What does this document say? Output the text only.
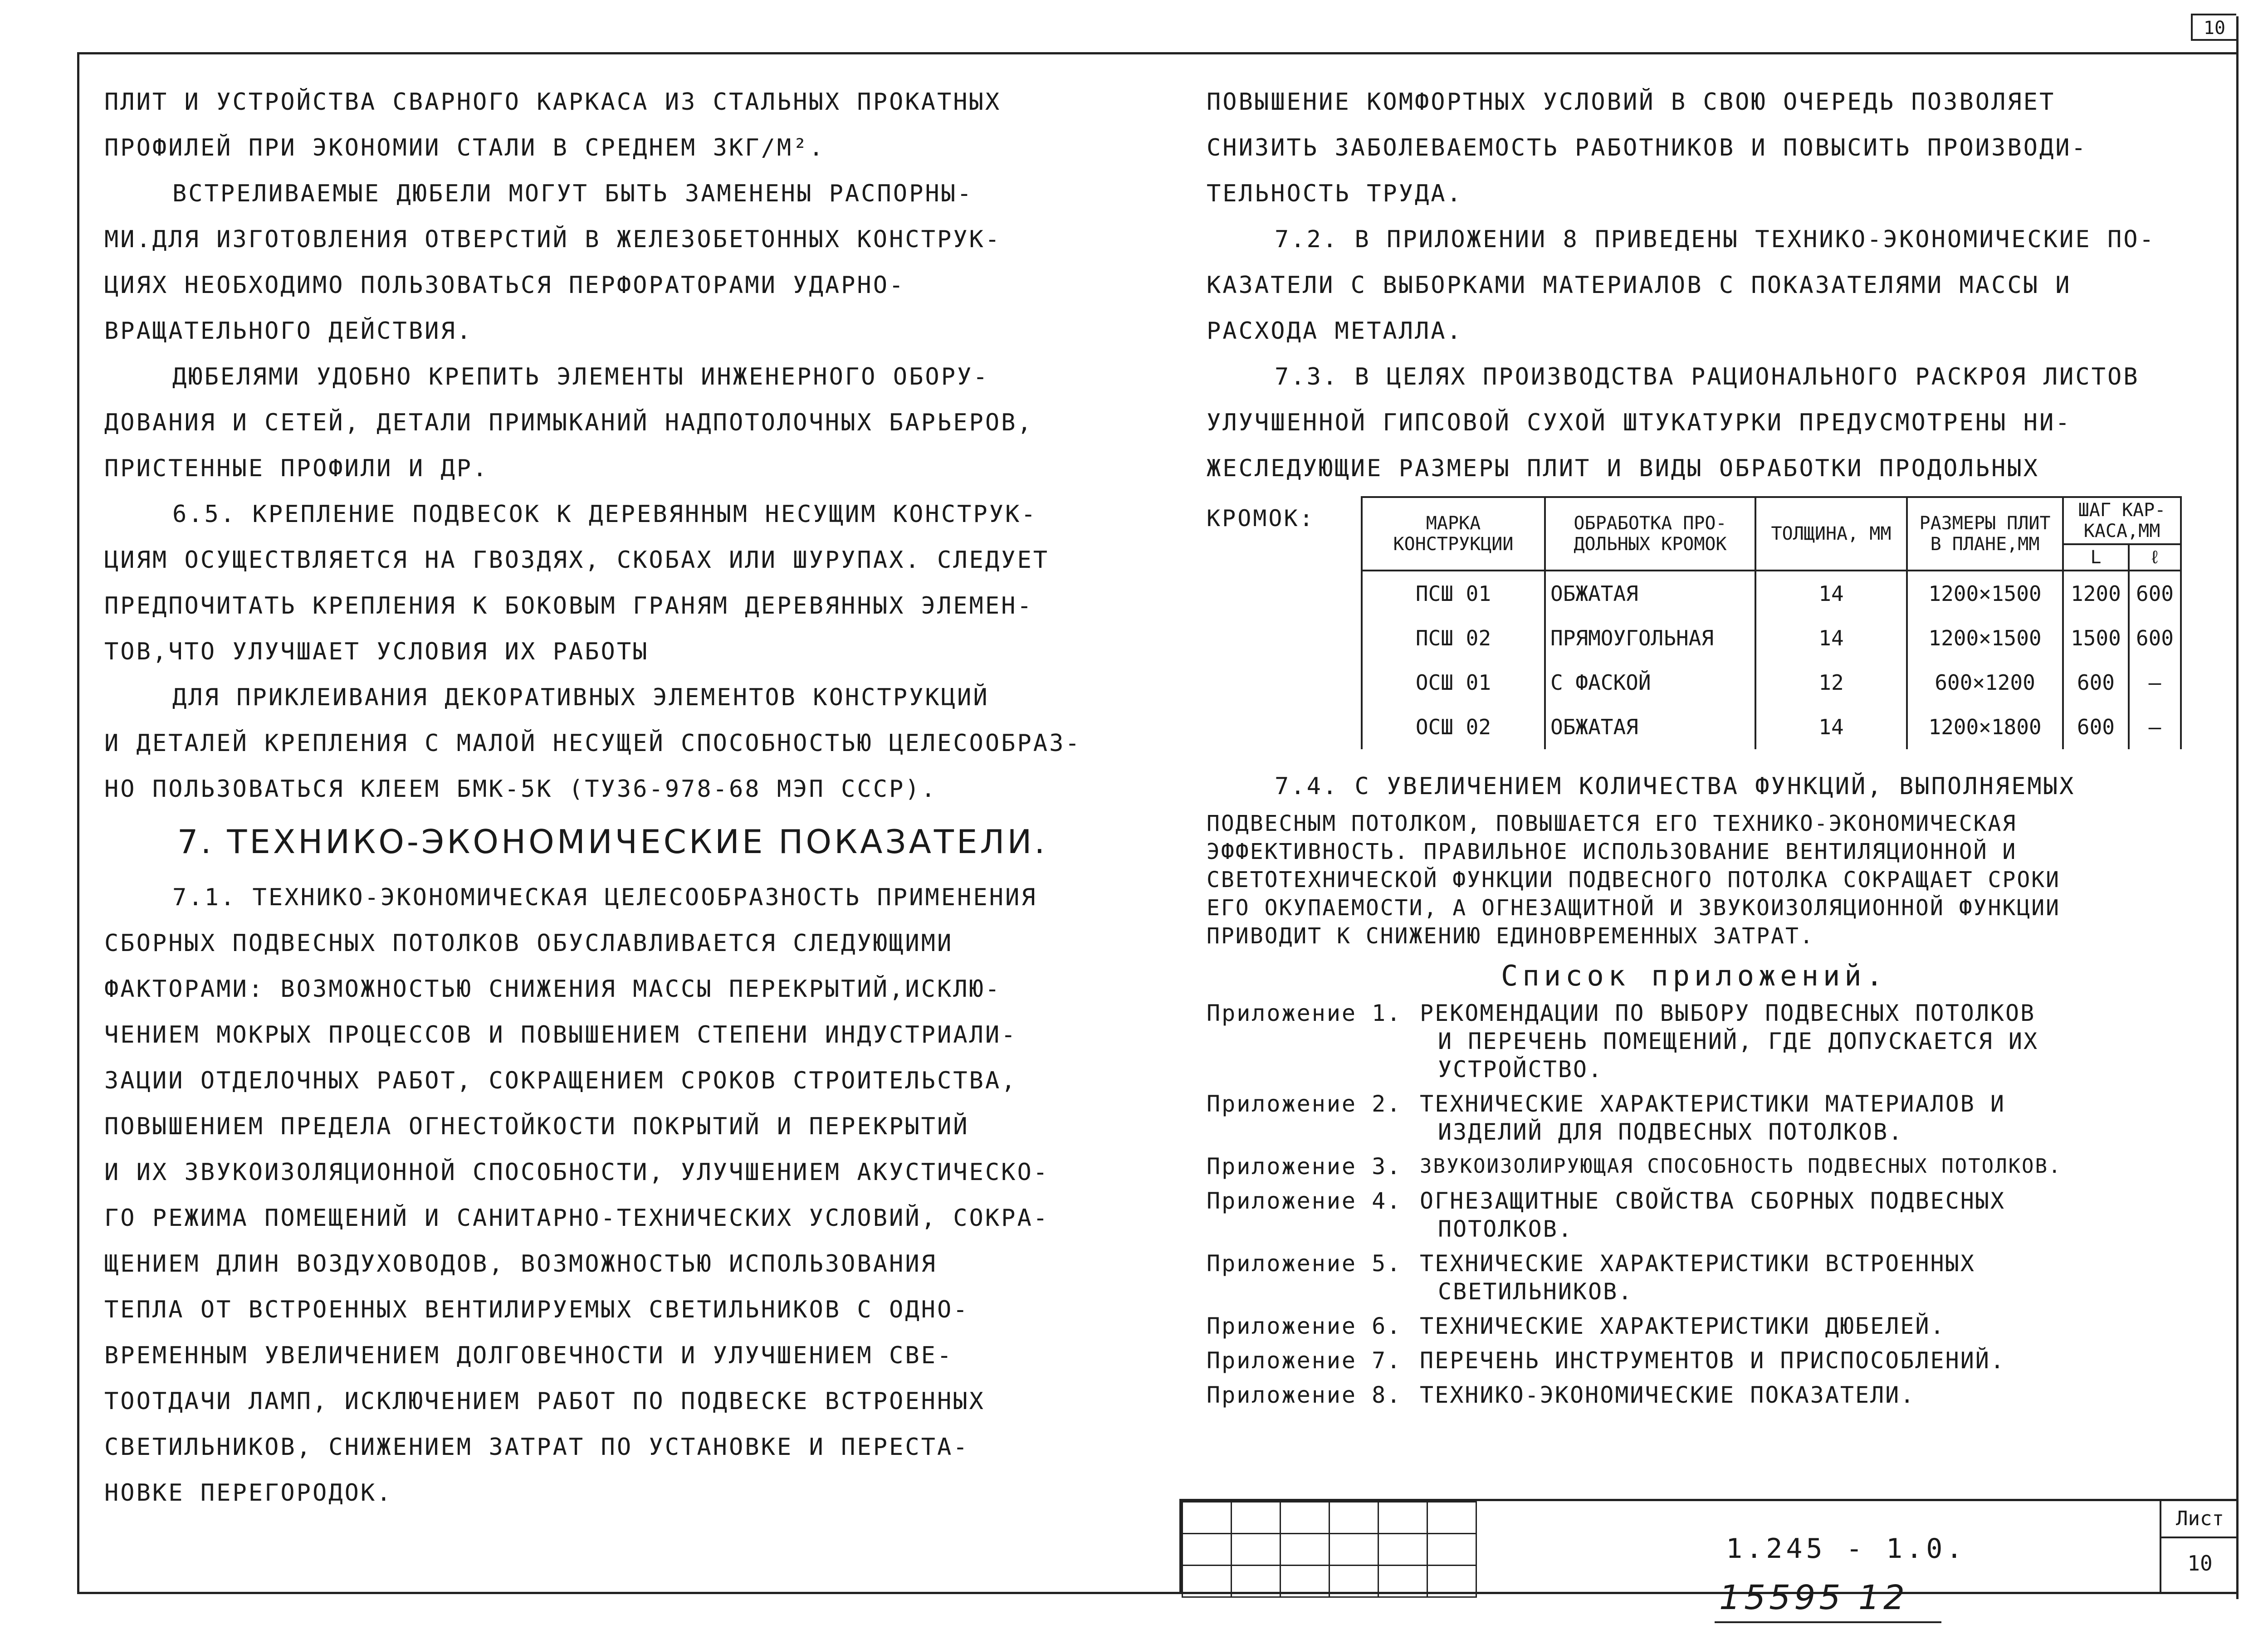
10

ПЛИТ И УСТРОЙСТВА СВАРНОГО КАРКАСА ИЗ СТАЛЬНЫХ ПРОКАТНЫХ

ПРОФИЛЕЙ ПРИ ЭКОНОМИИ СТАЛИ В СРЕДНЕМ 3КГ/М².

ВСТРЕЛИВАЕМЫЕ ДЮБЕЛИ МОГУТ БЫТЬ ЗАМЕНЕНЫ РАСПОРНЫ-

МИ.ДЛЯ ИЗГОТОВЛЕНИЯ ОТВЕРСТИЙ В ЖЕЛЕЗОБЕТОННЫХ КОНСТРУК-

ЦИЯХ НЕОБХОДИМО ПОЛЬЗОВАТЬСЯ ПЕРФОРАТОРАМИ УДАРНО-

ВРАЩАТЕЛЬНОГО ДЕЙСТВИЯ.

ДЮБЕЛЯМИ УДОБНО КРЕПИТЬ ЭЛЕМЕНТЫ ИНЖЕНЕРНОГО ОБОРУ-

ДОВАНИЯ И СЕТЕЙ, ДЕТАЛИ ПРИМЫКАНИЙ НАДПОТОЛОЧНЫХ БАРЬЕРОВ,

ПРИСТЕННЫЕ ПРОФИЛИ И ДР.

6.5. КРЕПЛЕНИЕ ПОДВЕСОК К ДЕРЕВЯННЫМ НЕСУЩИМ КОНСТРУК-

ЦИЯМ ОСУЩЕСТВЛЯЕТСЯ НА ГВОЗДЯХ, СКОБАХ ИЛИ ШУРУПАХ. СЛЕДУЕТ

ПРЕДПОЧИТАТЬ КРЕПЛЕНИЯ К БОКОВЫМ ГРАНЯМ ДЕРЕВЯННЫХ ЭЛЕМЕН-

ТОВ,ЧТО УЛУЧШАЕТ УСЛОВИЯ ИХ РАБОТЫ

ДЛЯ ПРИКЛЕИВАНИЯ ДЕКОРАТИВНЫХ ЭЛЕМЕНТОВ КОНСТРУКЦИЙ

И ДЕТАЛЕЙ КРЕПЛЕНИЯ С МАЛОЙ НЕСУЩЕЙ СПОСОБНОСТЬЮ ЦЕЛЕСООБРАЗ-

НО ПОЛЬЗОВАТЬСЯ КЛЕЕМ БМК-5К (ТУ36-978-68 МЭП СССР).

7. ТЕХНИКО-ЭКОНОМИЧЕСКИЕ ПОКАЗАТЕЛИ.

7.1. ТЕХНИКО-ЭКОНОМИЧЕСКАЯ ЦЕЛЕСООБРАЗНОСТЬ ПРИМЕНЕНИЯ

СБОРНЫХ ПОДВЕСНЫХ ПОТОЛКОВ ОБУСЛАВЛИВАЕТСЯ СЛЕДУЮЩИМИ

ФАКТОРАМИ: ВОЗМОЖНОСТЬЮ СНИЖЕНИЯ МАССЫ ПЕРЕКРЫТИЙ,ИСКЛЮ-

ЧЕНИЕМ МОКРЫХ ПРОЦЕССОВ И ПОВЫШЕНИЕМ СТЕПЕНИ ИНДУСТРИАЛИ-

ЗАЦИИ ОТДЕЛОЧНЫХ РАБОТ, СОКРАЩЕНИЕМ СРОКОВ СТРОИТЕЛЬСТВА,

ПОВЫШЕНИЕМ ПРЕДЕЛА ОГНЕСТОЙКОСТИ ПОКРЫТИЙ И ПЕРЕКРЫТИЙ

И ИХ ЗВУКОИЗОЛЯЦИОННОЙ СПОСОБНОСТИ, УЛУЧШЕНИЕМ АКУСТИЧЕСКО-

ГО РЕЖИМА ПОМЕЩЕНИЙ И САНИТАРНО-ТЕХНИЧЕСКИХ УСЛОВИЙ, СОКРА-

ЩЕНИЕМ ДЛИН ВОЗДУХОВОДОВ, ВОЗМОЖНОСТЬЮ ИСПОЛЬЗОВАНИЯ

ТЕПЛА ОТ ВСТРОЕННЫХ ВЕНТИЛИРУЕМЫХ СВЕТИЛЬНИКОВ С ОДНО-

ВРЕМЕННЫМ УВЕЛИЧЕНИЕМ ДОЛГОВЕЧНОСТИ И УЛУЧШЕНИЕМ СВЕ-

ТООТДАЧИ ЛАМП, ИСКЛЮЧЕНИЕМ РАБОТ ПО ПОДВЕСКЕ ВСТРОЕННЫХ

СВЕТИЛЬНИКОВ, СНИЖЕНИЕМ ЗАТРАТ ПО УСТАНОВКЕ И ПЕРЕСТА-

НОВКЕ ПЕРЕГОРОДОК.

ПОВЫШЕНИЕ КОМФОРТНЫХ УСЛОВИЙ В СВОЮ ОЧЕРЕДЬ ПОЗВОЛЯЕТ

СНИЗИТЬ ЗАБОЛЕВАЕМОСТЬ РАБОТНИКОВ И ПОВЫСИТЬ ПРОИЗВОДИ-

ТЕЛЬНОСТЬ ТРУДА.

7.2. В ПРИЛОЖЕНИИ 8 ПРИВЕДЕНЫ ТЕХНИКО-ЭКОНОМИЧЕСКИЕ ПО-

КАЗАТЕЛИ С ВЫБОРКАМИ МАТЕРИАЛОВ С ПОКАЗАТЕЛЯМИ МАССЫ И

РАСХОДА МЕТАЛЛА.

7.3. В ЦЕЛЯХ ПРОИЗВОДСТВА РАЦИОНАЛЬНОГО РАСКРОЯ ЛИСТОВ

УЛУЧШЕННОЙ ГИПСОВОЙ СУХОЙ ШТУКАТУРКИ ПРЕДУСМОТРЕНЫ НИ-

ЖЕСЛЕДУЮЩИЕ РАЗМЕРЫ ПЛИТ И ВИДЫ ОБРАБОТКИ ПРОДОЛЬНЫХ

КРОМОК:	МАРКА КОНСТРУКЦИИ	ОБРАБОТКА ПРО-ДОЛЬНЫХ КРОМОК	ТОЛЩИНА, ММ	РАЗМЕРЫ ПЛИТ В ПЛАНЕ,ММ	ШАГ КАР-КАСА,ММ	
				L	ℓ
ПСШ 01	ОБЖАТАЯ	14	1200×1500	1200	600
ПСШ 02	ПРЯМОУГОЛЬНАЯ	14	1200×1500	1500	600
ОСШ 01	С ФАСКОЙ	12	600×1200	600	–
ОСШ 02	ОБЖАТАЯ	14	1200×1800	600	–

7.4. С УВЕЛИЧЕНИЕМ КОЛИЧЕСТВА ФУНКЦИЙ, ВЫПОЛНЯЕМЫХ

ПОДВЕСНЫМ ПОТОЛКОМ, ПОВЫШАЕТСЯ ЕГО ТЕХНИКО-ЭКОНОМИЧЕСКАЯ

ЭФФЕКТИВНОСТЬ. ПРАВИЛЬНОЕ ИСПОЛЬЗОВАНИЕ ВЕНТИЛЯЦИОННОЙ И

СВЕТОТЕХНИЧЕСКОЙ ФУНКЦИИ ПОДВЕСНОГО ПОТОЛКА СОКРАЩАЕТ СРОКИ

ЕГО ОКУПАЕМОСТИ, А ОГНЕЗАЩИТНОЙ И ЗВУКОИЗОЛЯЦИОННОЙ ФУНКЦИИ

ПРИВОДИТ К СНИЖЕНИЮ ЕДИНОВРЕМЕННЫХ ЗАТРАТ.

Список приложений.
Приложение 1. РЕКОМЕНДАЦИИ ПО ВЫБОРУ ПОДВЕСНЫХ ПОТОЛКОВ
И ПЕРЕЧЕНЬ ПОМЕЩЕНИЙ, ГДЕ ДОПУСКАЕТСЯ ИХ
УСТРОЙСТВО.
Приложение 2. ТЕХНИЧЕСКИЕ ХАРАКТЕРИСТИКИ МАТЕРИАЛОВ И
ИЗДЕЛИЙ ДЛЯ ПОДВЕСНЫХ ПОТОЛКОВ.
Приложение 3. ЗВУКОИЗОЛИРУЮЩАЯ СПОСОБНОСТЬ ПОДВЕСНЫХ ПОТОЛКОВ.
Приложение 4. ОГНЕЗАЩИТНЫЕ СВОЙСТВА СБОРНЫХ ПОДВЕСНЫХ
ПОТОЛКОВ.
Приложение 5. ТЕХНИЧЕСКИЕ ХАРАКТЕРИСТИКИ ВСТРОЕННЫХ
СВЕТИЛЬНИКОВ.
Приложение 6. ТЕХНИЧЕСКИЕ ХАРАКТЕРИСТИКИ ДЮБЕЛЕЙ.
Приложение 7. ПЕРЕЧЕНЬ ИНСТРУМЕНТОВ И ПРИСПОСОБЛЕНИЙ.
Приложение 8. ТЕХНИКО-ЭКОНОМИЧЕСКИЕ ПОКАЗАТЕЛИ.

1.245 - 1.0.
Лист
10
15595 12
